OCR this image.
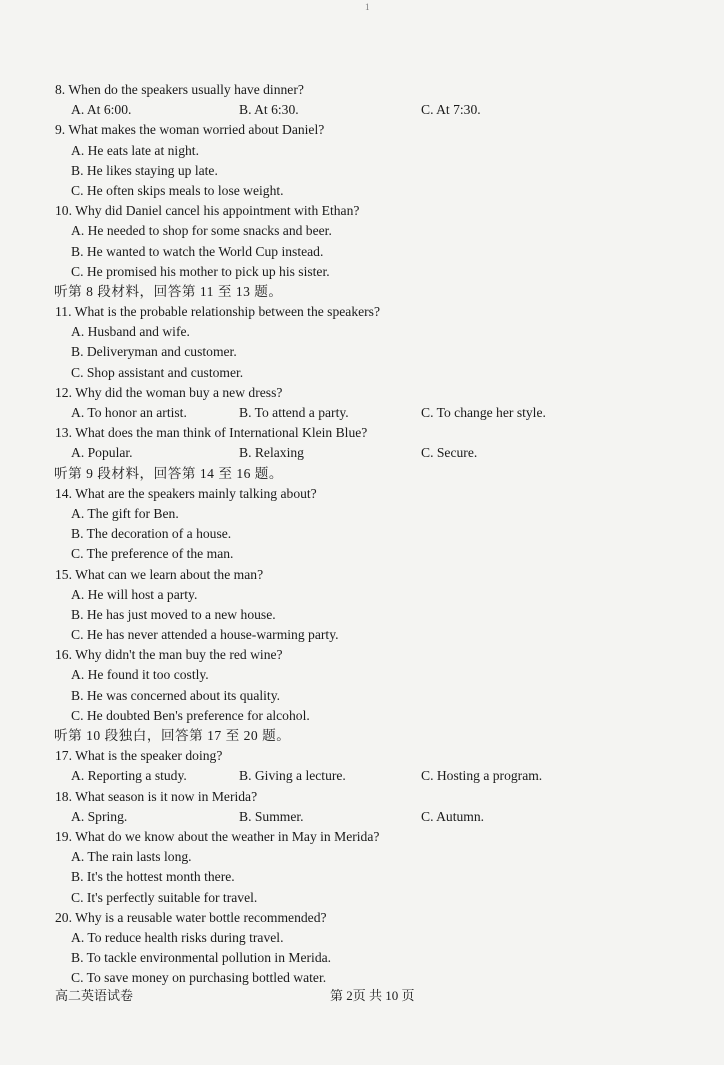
1
8. When do the speakers usually have dinner?
A. At 6:00.	B. At 6:30.	C. At 7:30.
9. What makes the woman worried about Daniel?
A. He eats late at night.
B. He likes staying up late.
C. He often skips meals to lose weight.
10. Why did Daniel cancel his appointment with Ethan?
A. He needed to shop for some snacks and beer.
B. He wanted to watch the World Cup instead.
C. He promised his mother to pick up his sister.
听第 8 段材料，回答第 11 至 13 题。
11. What is the probable relationship between the speakers?
A. Husband and wife.
B. Deliveryman and customer.
C. Shop assistant and customer.
12. Why did the woman buy a new dress?
A. To honor an artist.	B. To attend a party.	C. To change her style.
13. What does the man think of International Klein Blue?
A. Popular.	B. Relaxing	C. Secure.
听第 9 段材料，回答第 14 至 16 题。
14. What are the speakers mainly talking about?
A. The gift for Ben.
B. The decoration of a house.
C. The preference of the man.
15. What can we learn about the man?
A. He will host a party.
B. He has just moved to a new house.
C. He has never attended a house-warming party.
16. Why didn't the man buy the red wine?
A. He found it too costly.
B. He was concerned about its quality.
C. He doubted Ben's preference for alcohol.
听第 10 段独白，回答第 17 至 20 题。
17. What is the speaker doing?
A. Reporting a study.	B. Giving a lecture.	C. Hosting a program.
18. What season is it now in Merida?
A. Spring.	B. Summer.	C. Autumn.
19. What do we know about the weather in May in Merida?
A. The rain lasts long.
B. It's the hottest month there.
C. It's perfectly suitable for travel.
20. Why is a reusable water bottle recommended?
A. To reduce health risks during travel.
B. To tackle environmental pollution in Merida.
C. To save money on purchasing bottled water.
高二英语试卷	第 2页 共 10 页
